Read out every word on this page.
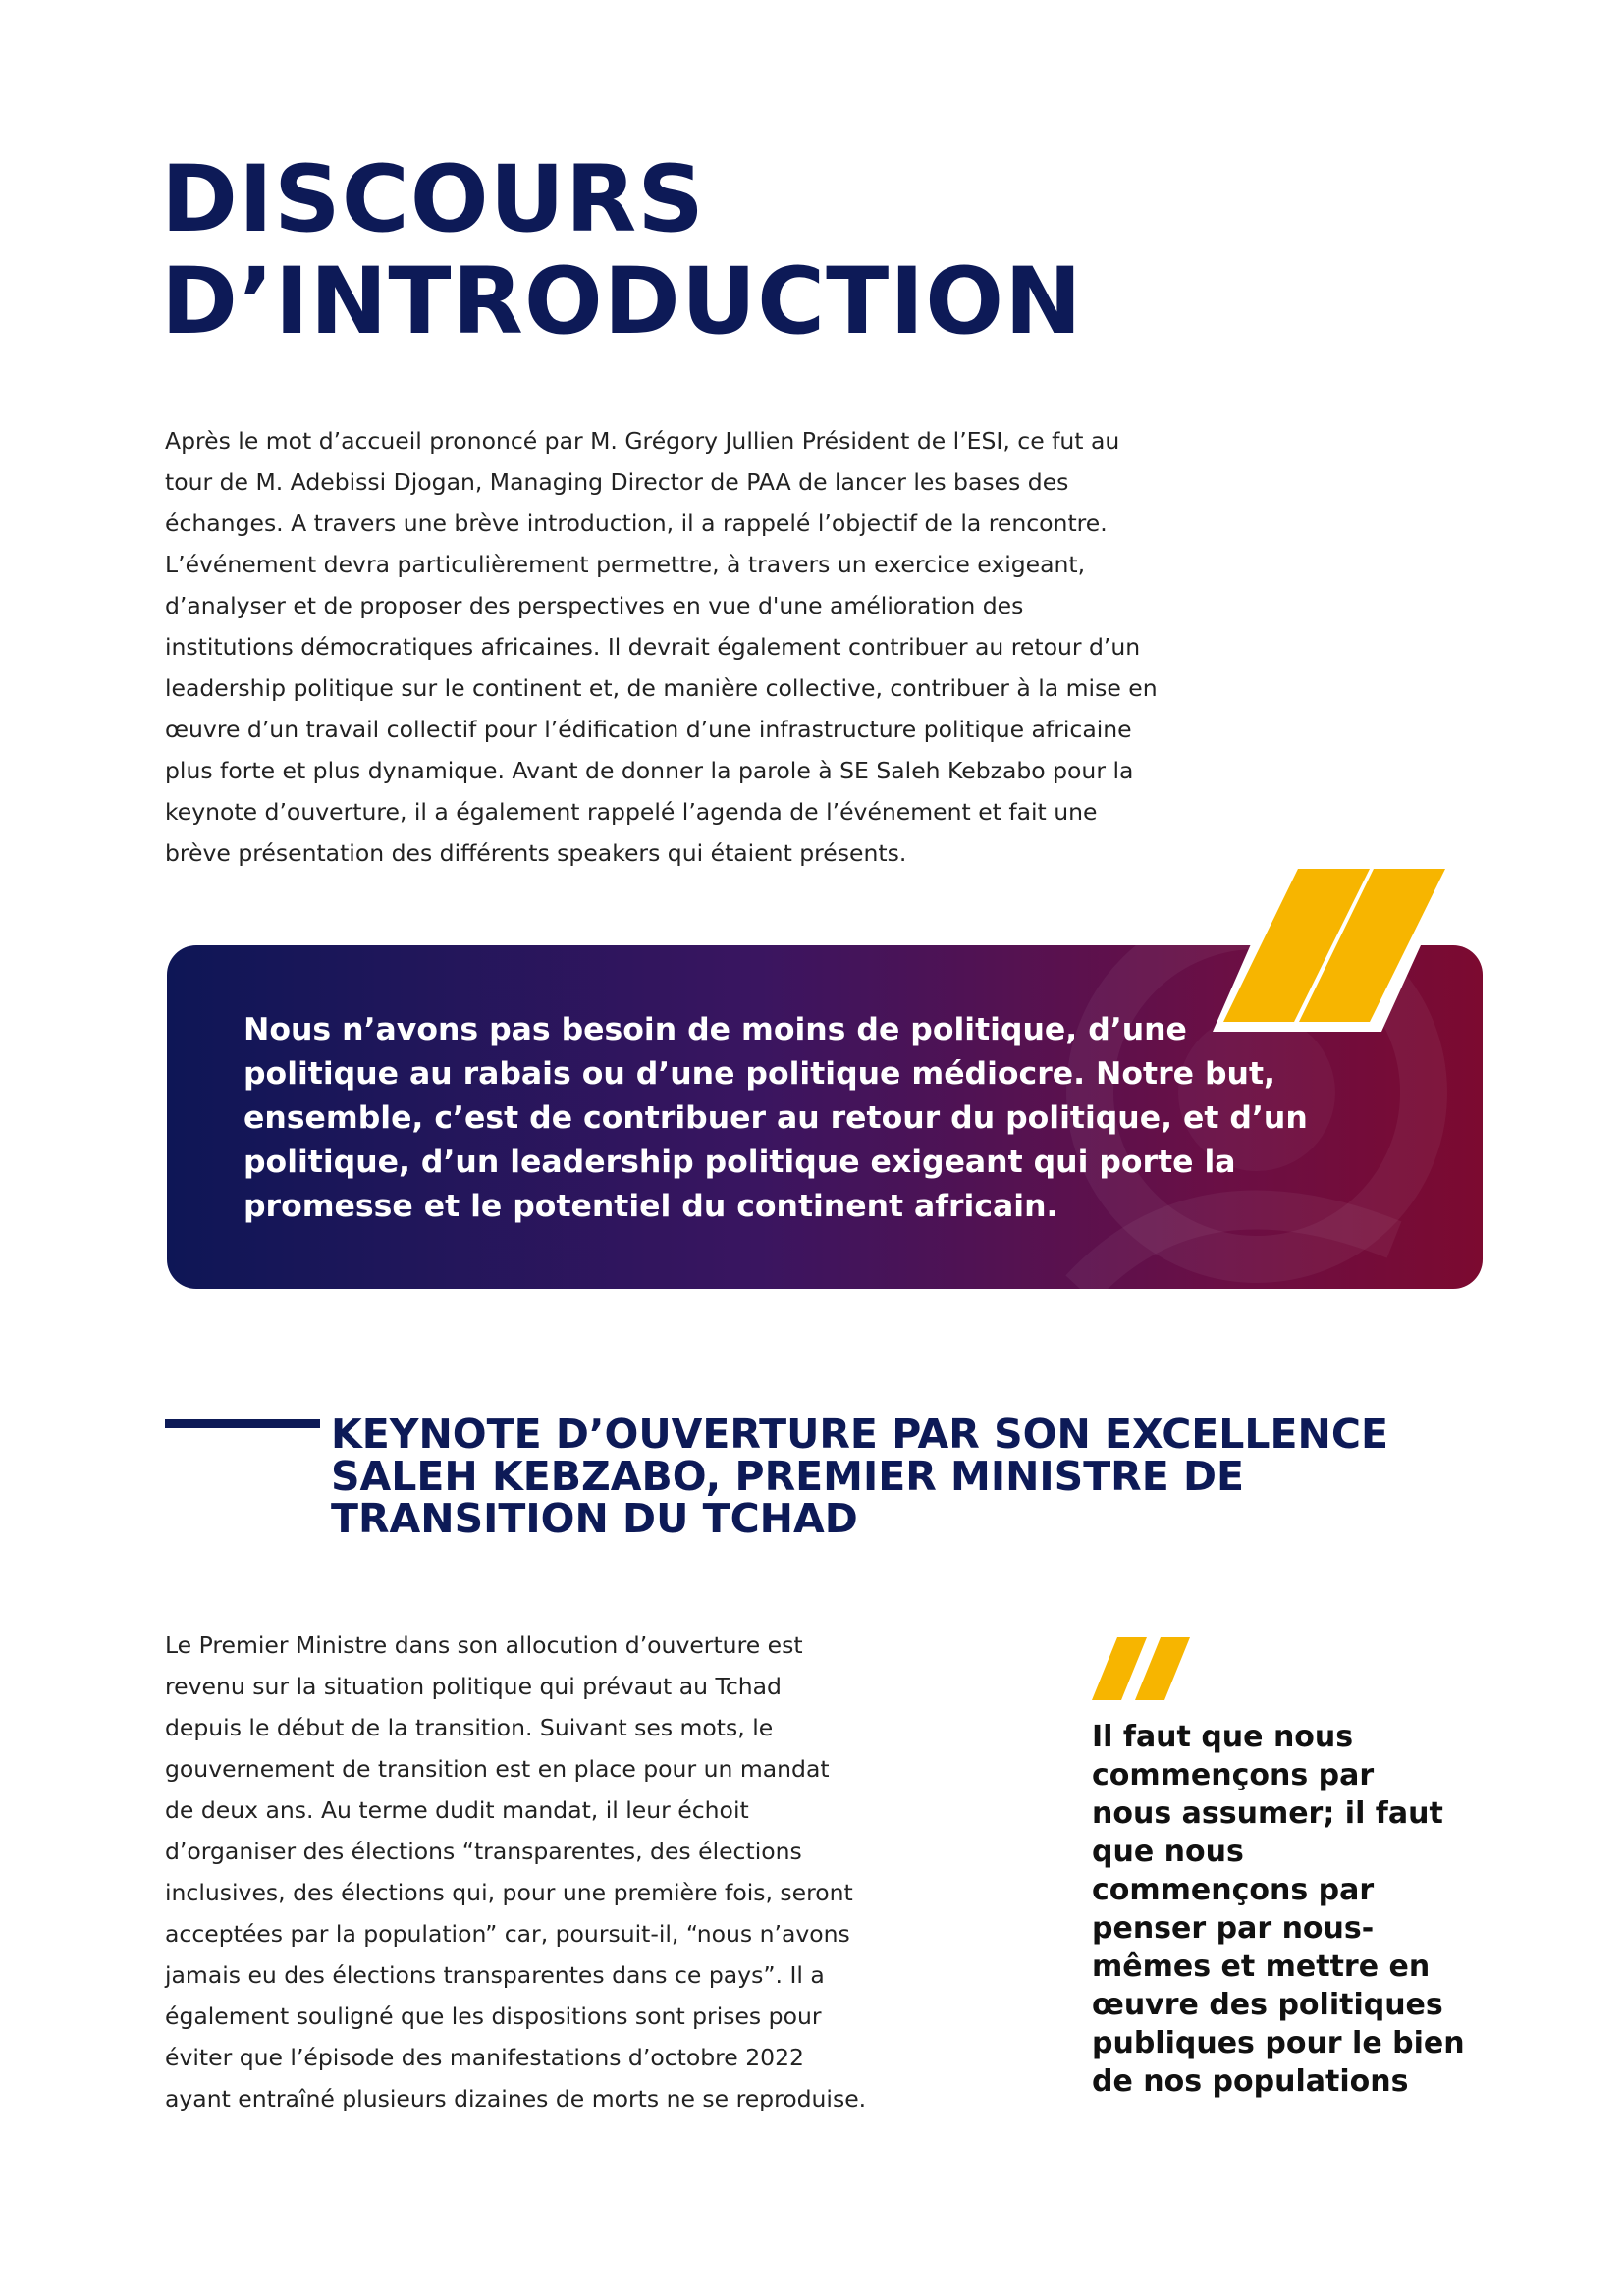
DISCOURS
D’INTRODUCTION

Après le mot d’accueil prononcé par M. Grégory Jullien Président de l’ESI, ce fut au
tour de M. Adebissi Djogan, Managing Director de PAA de lancer les bases des
échanges. A travers une brève introduction, il a rappelé l’objectif de la rencontre.
L’événement devra particulièrement permettre, à travers un exercice exigeant,
d’analyser et de proposer des perspectives en vue d'une amélioration des
institutions démocratiques africaines. Il devrait également contribuer au retour d’un
leadership politique sur le continent et, de manière collective, contribuer à la mise en
œuvre d’un travail collectif pour l’édification d’une infrastructure politique africaine
plus forte et plus dynamique. Avant de donner la parole à SE Saleh Kebzabo pour la
keynote d’ouverture, il a également rappelé l’agenda de l’événement et fait une
brève présentation des différents speakers qui étaient présents.

Nous n’avons pas besoin de moins de politique, d’une
politique au rabais ou d’une politique médiocre. Notre but,
ensemble, c’est de contribuer au retour du politique, et d’un
politique, d’un leadership politique exigeant qui porte la
promesse et le potentiel du continent africain.

KEYNOTE D’OUVERTURE PAR SON EXCELLENCE
SALEH KEBZABO, PREMIER MINISTRE DE
TRANSITION DU TCHAD

Le Premier Ministre dans son allocution d’ouverture est
revenu sur la situation politique qui prévaut au Tchad
depuis le début de la transition. Suivant ses mots, le
gouvernement de transition est en place pour un mandat
de deux ans. Au terme dudit mandat, il leur échoit
d’organiser des élections “transparentes, des élections
inclusives, des élections qui, pour une première fois, seront
acceptées par la population” car, poursuit-il, “nous n’avons
jamais eu des élections transparentes dans ce pays”. Il a
également souligné que les dispositions sont prises pour
éviter que l’épisode des manifestations d’octobre 2022
ayant entraîné plusieurs dizaines de morts ne se reproduise.

Il faut que nous
commençons par
nous assumer; il faut
que nous
commençons par
penser par nous-
mêmes et mettre en
œuvre des politiques
publiques pour le bien
de nos populations
